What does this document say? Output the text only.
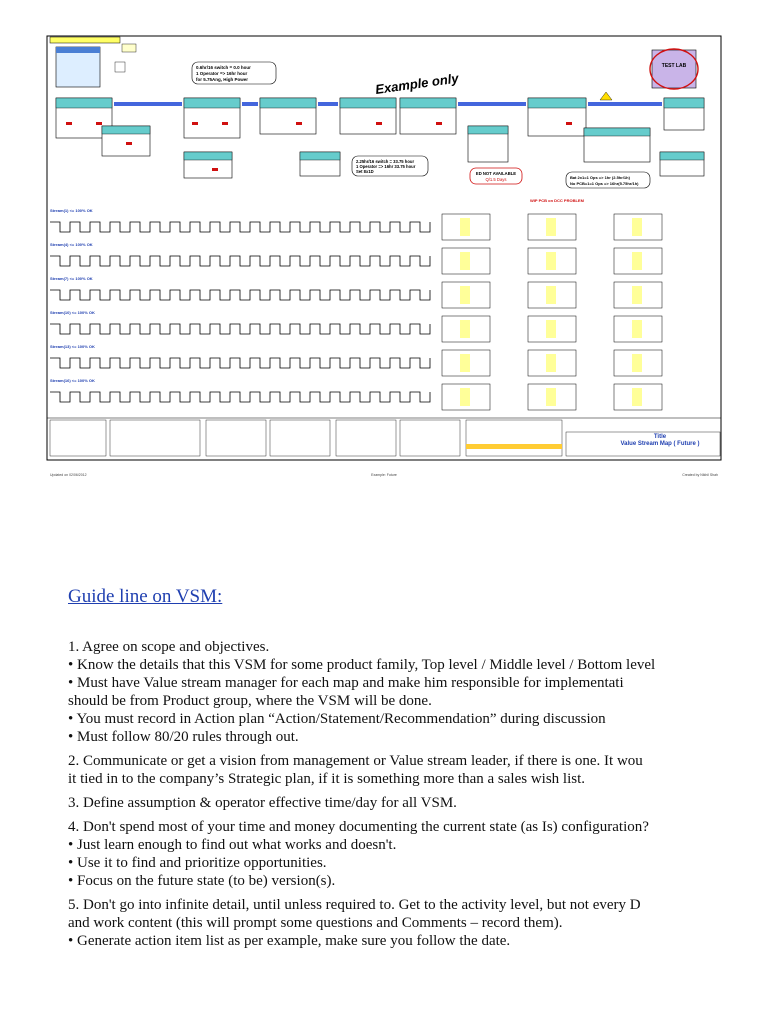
0.6hr/16 switch = 0.0 hour
1 Operator => 16hr hour
for 5.75Ang, High Power	Example only
TEST LAB
2.25hr/16 switch = 33.75 hour
1 Operator => 16hr 33.75 hour
Set 8x1D	ED NOT AVAILABLE
Q/1.5 Days	Bat 2x1=1 Ops => 1hr (2.5hr/1h)
No PCB=1=1 Ops => 16hr(5.75hr/1h)
WIP PCB on DCC PROBLEM
Stream(1) <= 100% OK
Stream(4) <= 100% OK
Stream(7) <= 100% OK
Stream(10) <= 100% OK
Stream(13) <= 100% OK
Stream(16) <= 100% OK
Title
Value Stream Map ( Future )
Updated on 02/06/2012	Example: Future	Created by Nikhil Shah
Guide line on VSM:

1. Agree on scope and objectives.

• Know the details that this VSM for some product family, Top level / Middle level / Bottom level

• Must have Value stream manager for each map and make him responsible for implementati

should be from Product group, where the VSM will be done.

• You must record in Action plan “Action/Statement/Recommendation” during discussion

• Must follow 80/20 rules through out.

2. Communicate or get a vision from management or Value stream leader, if there is one. It wou

it tied in to the company’s Strategic plan, if it is something more than a sales wish list.

3. Define assumption & operator effective time/day for all VSM.

4. Don't spend most of your time and money documenting the current state (as Is) configuration?

• Just learn enough to find out what works and doesn't.

• Use it to find and prioritize opportunities.

• Focus on the future state (to be) version(s).

5. Don't go into infinite detail, until unless required to. Get to the activity level, but not every D

and work content (this will prompt some questions and Comments – record them).

• Generate action item list as per example, make sure you follow the date.
